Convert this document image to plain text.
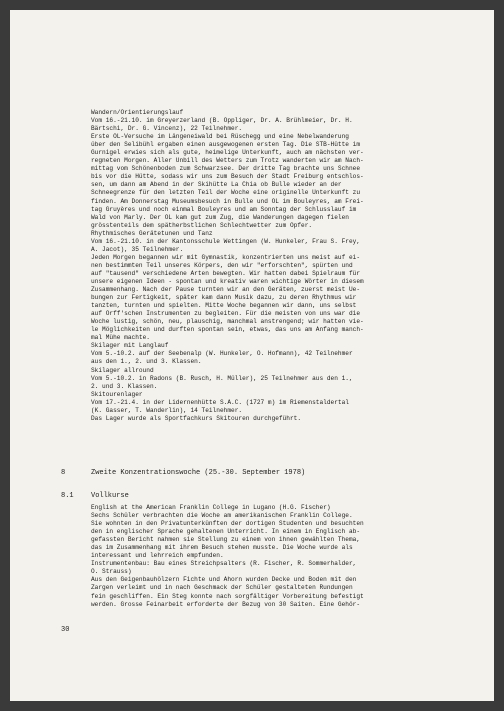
Wandern/Orientierungslauf
Vom 16.-21.10. im Greyerzerland (B. Oppliger, Dr. A. Brühlmeier, Dr. H.
Bärtschi, Dr. G. Vincenz), 22 Teilnehmer.
Erste OL-Versuche im Längeneiwald bei Rüschegg und eine Nebelwanderung
über den Selibühl ergaben einen ausgewogenen ersten Tag. Die STB-Hütte im
Gurnigel erwies sich als gute, heimelige Unterkunft, auch am nächsten ver-
regneten Morgen. Aller Unbill des Wetters zum Trotz wanderten wir am Nach-
mittag vom Schönenboden zum Schwarzsee. Der dritte Tag brachte uns Schnee
bis vor die Hütte, sodass wir uns zum Besuch der Stadt Freiburg entschlos-
sen, um dann am Abend in der Skihütte La Chia ob Bulle wieder an der
Schneegrenze für den letzten Teil der Woche eine originelle Unterkunft zu
finden. Am Donnerstag Museumsbesuch in Bulle und OL im Bouleyres, am Frei-
tag Gruyères und noch einmal Bouleyres und am Sonntag der Schlusslauf im
Wald von Marly. Der OL kam gut zum Zug, die Wanderungen dagegen fielen
grösstenteils dem spätherbstlichen Schlechtwetter zum Opfer.
Rhythmisches Gerätetunen und Tanz
Vom 16.-21.10. in der Kantonsschule Wettingen (W. Hunkeler, Frau S. Frey,
A. Jacot), 35 Teilnehmer.
Jeden Morgen begannen wir mit Gymnastik, konzentrierten uns meist auf ei-
nen bestimmten Teil unseres Körpers, den wir "erforschten", spürten und
auf "tausend" verschiedene Arten bewegten. Wir hatten dabei Spielraum für
unsere eigenen Ideen - spontan und kreativ waren wichtige Wörter in diesem
Zusammenhang. Nach der Pause turnten wir an den Geräten, zuerst meist Ue-
bungen zur Fertigkeit, später kam dann Musik dazu, zu deren Rhythmus wir
tanzten, turnten und spielten. Mitte Woche begannen wir dann, uns selbst
auf Orff'schen Instrumenten zu begleiten. Für die meisten von uns war die
Woche lustig, schön, neu, plauschig, manchmal anstrengend; wir hatten vie-
le Möglichkeiten und durften spontan sein, etwas, das uns am Anfang manch-
mal Mühe machte.
Skilager mit Langlauf
Vom 5.-10.2. auf der Seebenalp (W. Hunkeler, O. Hofmann), 42 Teilnehmer
aus den 1., 2. und 3. Klassen.
Skilager allround
Vom 5.-10.2. in Radons (B. Rusch, H. Müller), 25 Teilnehmer aus den 1.,
2. und 3. Klassen.
Skitourenlager
Vom 17.-21.4. in der Lidernenhütte S.A.C. (1727 m) im Riemenstaldertal
(K. Gasser, T. Wanderlin), 14 Teilnehmer.
Das Lager wurde als Sportfachkurs Skitouren durchgeführt.
8	Zweite Konzentrationswoche (25.-30. September 1978)
8.1 Vollkurse
English at the American Franklin College in Lugano (H.G. Fischer)
Sechs Schüler verbrachten die Woche am amerikanischen Franklin College.
Sie wohnten in den Privatunterkünften der dortigen Studenten und besuchten
den in englischer Sprache gehaltenen Unterricht. In einem in Englisch ab-
gefassten Bericht nahmen sie Stellung zu einem von ihnen gewählten Thema,
das im Zusammenhang mit ihrem Besuch stehen musste. Die Woche wurde als
interessant und lehrreich empfunden.
Instrumentenbau: Bau eines Streichpsalters (R. Fischer, R. Sommerhalder,
O. Strauss)
Aus den Geigenbauhölzern Fichte und Ahorn wurden Decke und Boden mit den
Zargen verleimt und in nach Geschmack der Schüler gestalteten Rundungen
fein geschliffen. Ein Steg konnte nach sorgfältiger Vorbereitung befestigt
werden. Grosse Feinarbeit erforderte der Bezug von 30 Saiten. Eine Gehör-
30
